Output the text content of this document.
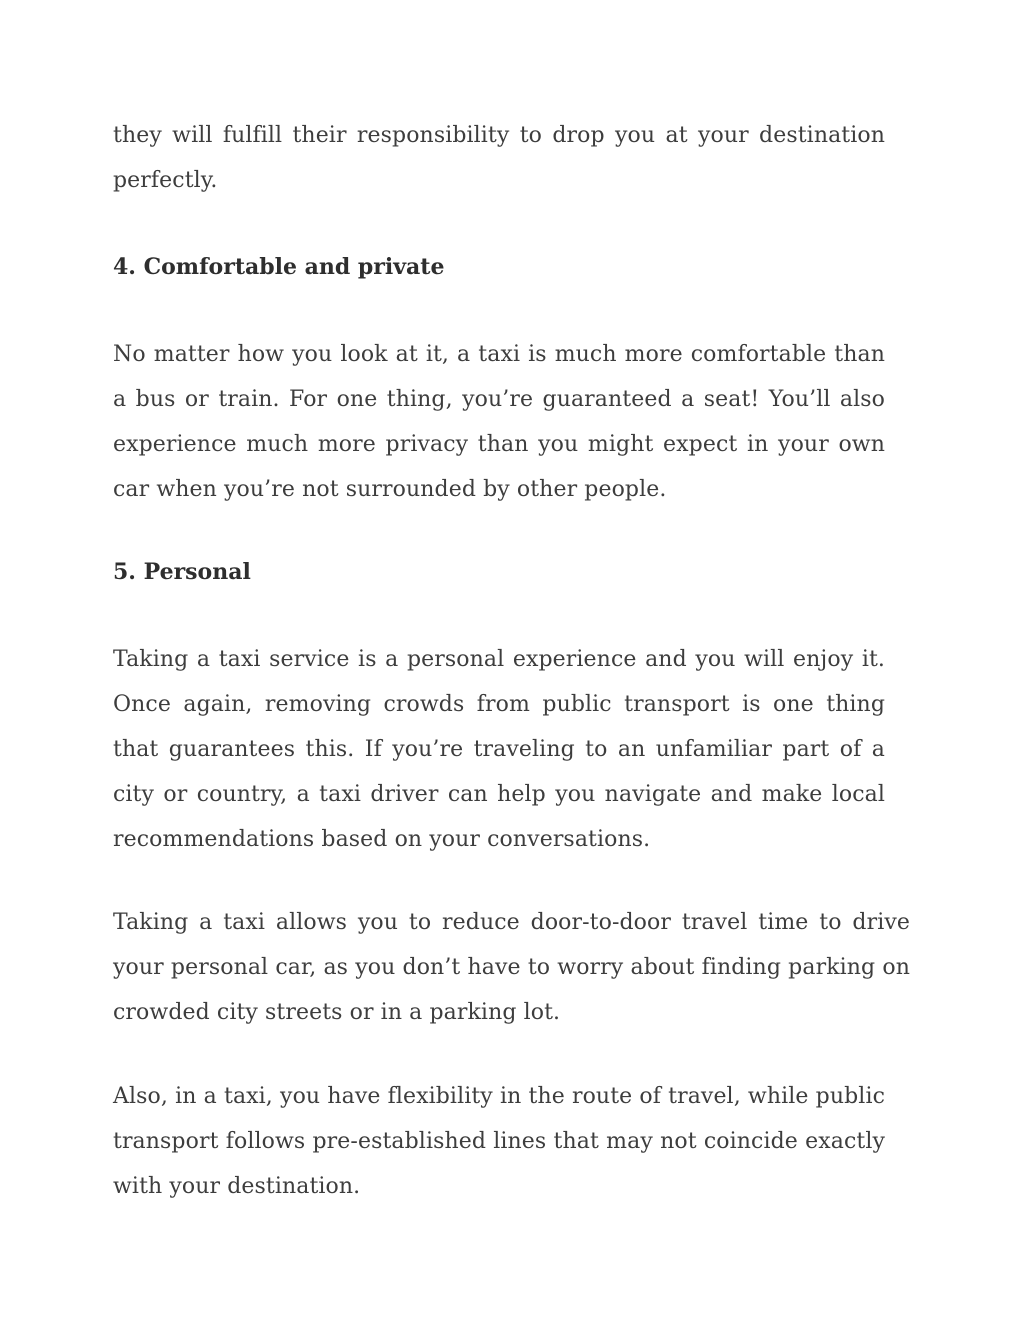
they will fulfill their responsibility to drop you at your destination perfectly.

4. Comfortable and private

No matter how you look at it, a taxi is much more comfortable than a bus or train. For one thing, you’re guaranteed a seat! You’ll also experience much more privacy than you might expect in your own car when you’re not surrounded by other people.

5. Personal

Taking a taxi service is a personal experience and you will enjoy it. Once again, removing crowds from public transport is one thing that guarantees this. If you’re traveling to an unfamiliar part of a city or country, a taxi driver can help you navigate and make local recommendations based on your conversations.

Taking a taxi allows you to reduce door-to-door travel time to drive your personal car, as you don’t have to worry about finding parking on crowded city streets or in a parking lot.

Also, in a taxi, you have flexibility in the route of travel, while public transport follows pre-established lines that may not coincide exactly with your destination.
